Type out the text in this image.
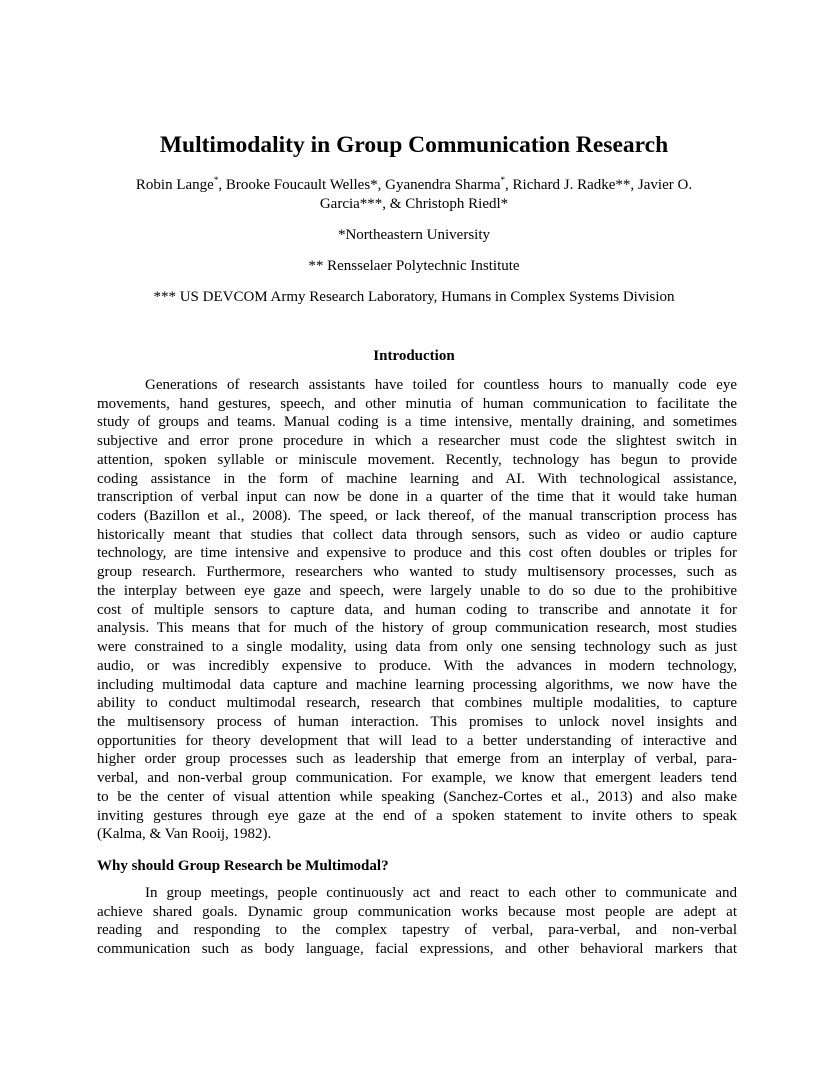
Multimodality in Group Communication Research
Robin Lange*, Brooke Foucault Welles*, Gyanendra Sharma*, Richard J. Radke**, Javier O.
Garcia***, & Christoph Riedl*
*Northeastern University
** Rensselaer Polytechnic Institute
*** US DEVCOM Army Research Laboratory, Humans in Complex Systems Division
Introduction
Generations of research assistants have toiled for countless hours to manually code eye
movements, hand gestures, speech, and other minutia of human communication to facilitate the
study of groups and teams. Manual coding is a time intensive, mentally draining, and sometimes
subjective and error prone procedure in which a researcher must code the slightest switch in
attention, spoken syllable or miniscule movement. Recently, technology has begun to provide
coding assistance in the form of machine learning and AI. With technological assistance,
transcription of verbal input can now be done in a quarter of the time that it would take human
coders (Bazillon et al., 2008). The speed, or lack thereof, of the manual transcription process has
historically meant that studies that collect data through sensors, such as video or audio capture
technology, are time intensive and expensive to produce and this cost often doubles or triples for
group research. Furthermore, researchers who wanted to study multisensory processes, such as
the interplay between eye gaze and speech, were largely unable to do so due to the prohibitive
cost of multiple sensors to capture data, and human coding to transcribe and annotate it for
analysis. This means that for much of the history of group communication research, most studies
were constrained to a single modality, using data from only one sensing technology such as just
audio, or was incredibly expensive to produce. With the advances in modern technology,
including multimodal data capture and machine learning processing algorithms, we now have the
ability to conduct multimodal research, research that combines multiple modalities, to capture
the multisensory process of human interaction. This promises to unlock novel insights and
opportunities for theory development that will lead to a better understanding of interactive and
higher order group processes such as leadership that emerge from an interplay of verbal, para-
verbal, and non-verbal group communication. For example, we know that emergent leaders tend
to be the center of visual attention while speaking (Sanchez-Cortes et al., 2013) and also make
inviting gestures through eye gaze at the end of a spoken statement to invite others to speak
(Kalma, & Van Rooij, 1982).
Why should Group Research be Multimodal?
In group meetings, people continuously act and react to each other to communicate and
achieve shared goals. Dynamic group communication works because most people are adept at
reading and responding to the complex tapestry of verbal, para-verbal, and non-verbal
communication such as body language, facial expressions, and other behavioral markers that
